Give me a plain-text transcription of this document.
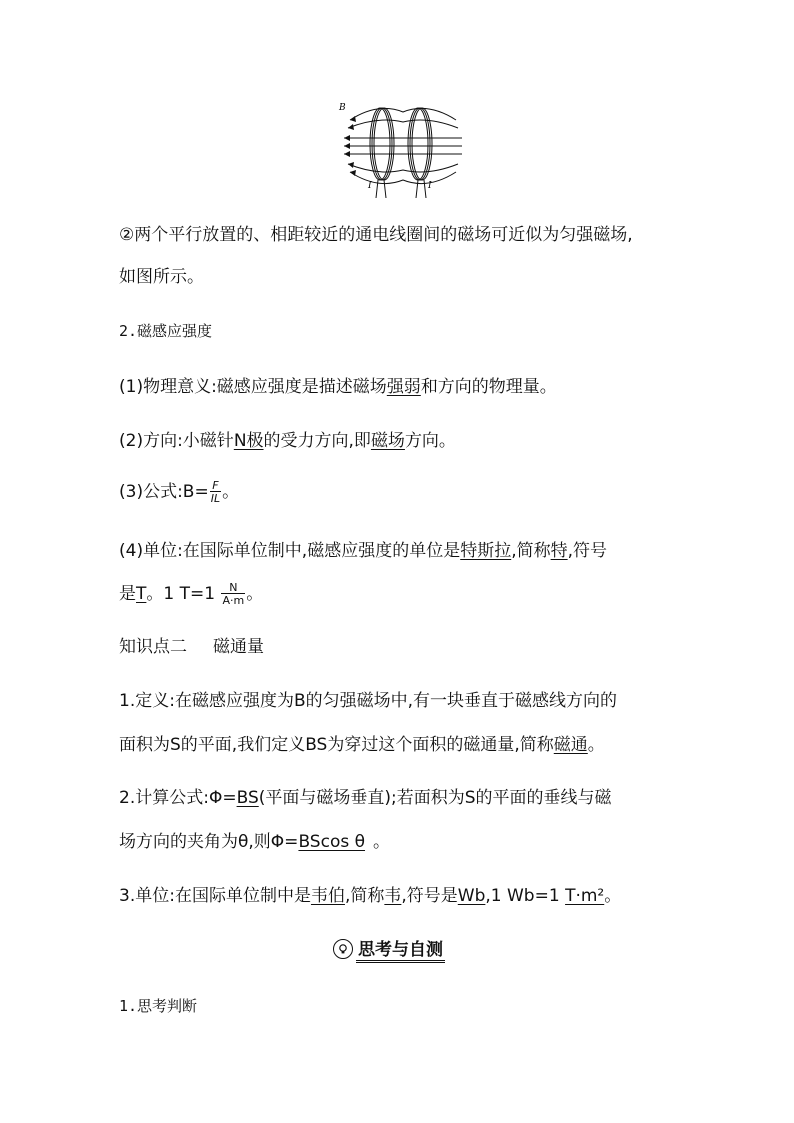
B
I	I
②两个平行放置的、相距较近的通电线圈间的磁场可近似为匀强磁场,
如图所示。
2.磁感应强度
(1)物理意义:磁感应强度是描述磁场强弱和方向的物理量。
(2)方向:小磁针N极的受力方向,即磁场方向。
(3)公式:B= $\frac{F}{IL}$ 。
(4)单位:在国际单位制中,磁感应强度的单位是特斯拉,简称特,符号
是T。1 $T=1 \frac{N}{A\cdot m}$ 。
知识点二 磁通量
1.定义:在磁感应强度为B的匀强磁场中,有一块垂直于磁感线方向的
面积为S的平面,我们定义BS为穿过这个面积的磁通量,简称磁通。
2.计算公式:Φ=BS(平面与磁场垂直);若面积为S的平面的垂线与磁
场方向的夹角为θ,则Φ=BScos θ 。
3.单位:在国际单位制中是韦伯,简称韦,符号是Wb,1 Wb=1 T·m²。
思考与自测
1.思考判断
